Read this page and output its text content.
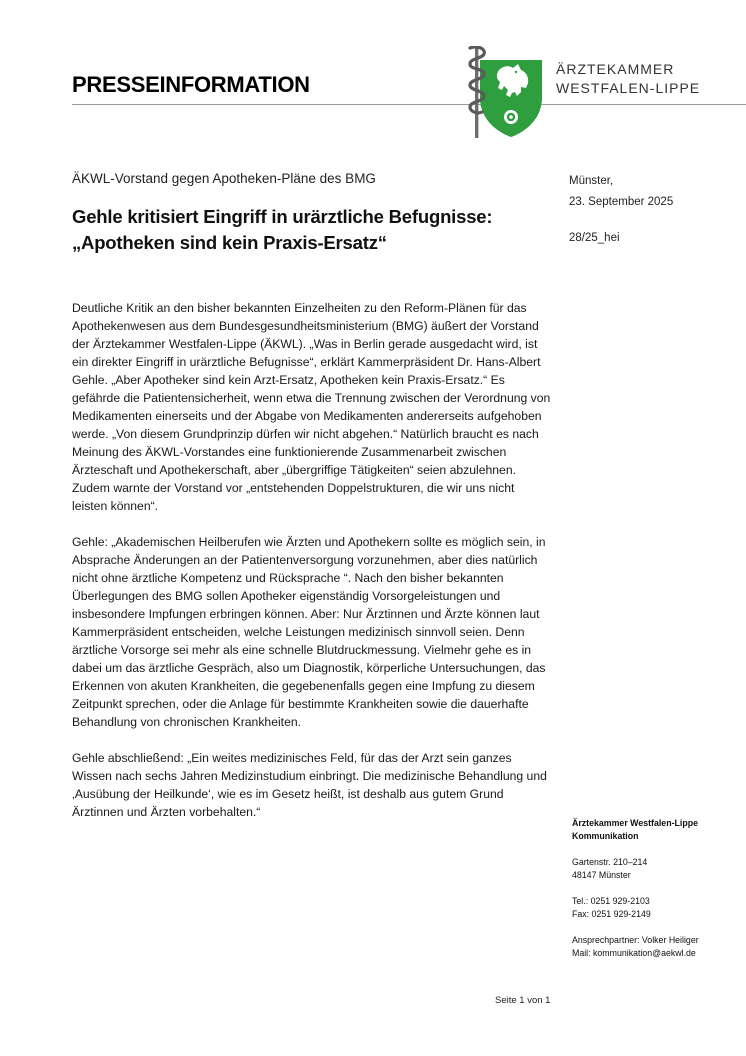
PRESSEINFORMATION
ÄRZTEKAMMER
WESTFALEN-LIPPE
ÄKWL-Vorstand gegen Apotheken-Pläne des BMG
Gehle kritisiert Eingriff in urärztliche Befugnisse:
„Apotheken sind kein Praxis-Ersatz“
Münster,
23. September 2025
28/25_hei

Deutliche Kritik an den bisher bekannten Einzelheiten zu den Reform-Plänen für das Apothekenwesen aus dem Bundesgesundheitsministerium (BMG) äußert der Vorstand der Ärztekammer Westfalen-Lippe (ÄKWL). „Was in Berlin gerade ausgedacht wird, ist ein direkter Eingriff in urärztliche Befugnisse“, erklärt Kammerpräsident Dr. Hans-Albert Gehle. „Aber Apotheker sind kein Arzt-Ersatz, Apotheken kein Praxis-Ersatz.“ Es gefährde die Patientensicherheit, wenn etwa die Trennung zwischen der Verordnung von Medikamenten einerseits und der Abgabe von Medikamenten andererseits aufgehoben werde. „Von diesem Grundprinzip dürfen wir nicht abgehen.“ Natürlich braucht es nach Meinung des ÄKWL-Vorstandes eine funktionierende Zusammenarbeit zwischen Ärzteschaft und Apothekerschaft, aber „übergriffige Tätigkeiten“ seien abzulehnen. Zudem warnte der Vorstand vor „entstehenden Doppelstrukturen, die wir uns nicht leisten können“.

Gehle: „Akademischen Heilberufen wie Ärzten und Apothekern sollte es möglich sein, in Absprache Änderungen an der Patientenversorgung vorzunehmen, aber dies natürlich nicht ohne ärztliche Kompetenz und Rücksprache “. Nach den bisher bekannten Überlegungen des BMG sollen Apotheker eigenständig Vorsorgeleistungen und insbesondere Impfungen erbringen können. Aber: Nur Ärztinnen und Ärzte können laut Kammerpräsident entscheiden, welche Leistungen medizinisch sinnvoll seien. Denn ärztliche Vorsorge sei mehr als eine schnelle Blutdruckmessung. Vielmehr gehe es in dabei um das ärztliche Gespräch, also um Diagnostik, körperliche Untersuchungen, das Erkennen von akuten Krankheiten, die gegebenenfalls gegen eine Impfung zu diesem Zeitpunkt sprechen, oder die Anlage für bestimmte Krankheiten sowie die dauerhafte Behandlung von chronischen Krankheiten.

Gehle abschließend: „Ein weites medizinisches Feld, für das der Arzt sein ganzes Wissen nach sechs Jahren Medizinstudium einbringt. Die medizinische Behandlung und ‚Ausübung der Heilkunde‘, wie es im Gesetz heißt, ist deshalb aus gutem Grund Ärztinnen und Ärzten vorbehalten.“

Ärztekammer Westfalen-Lippe
Kommunikation
Gartenstr. 210–214
48147 Münster
Tel.: 0251 929-2103
Fax: 0251 929-2149
Ansprechpartner: Volker Heiliger
Mail: kommunikation@aekwl.de
Seite 1 von 1
